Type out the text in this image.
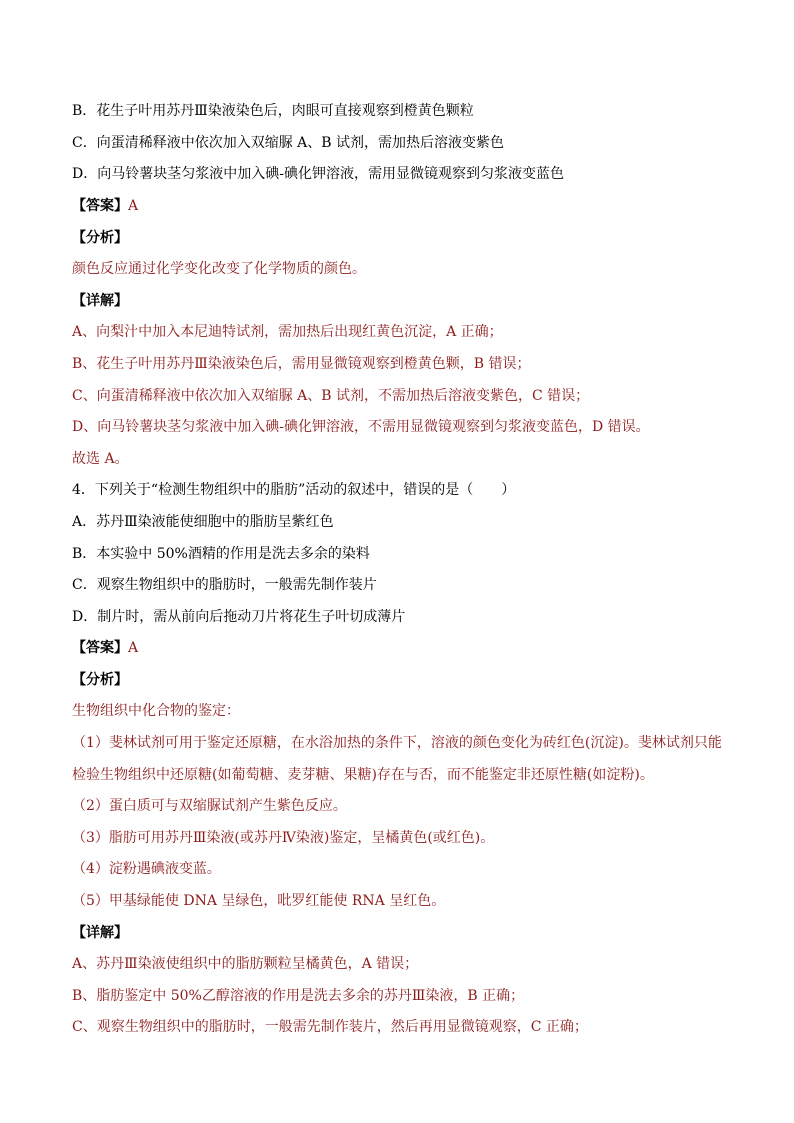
B．花生子叶用苏丹Ⅲ染液染色后，肉眼可直接观察到橙黄色颗粒
C．向蛋清稀释液中依次加入双缩脲 A、B 试剂，需加热后溶液变紫色
D．向马铃薯块茎匀浆液中加入碘-碘化钾溶液，需用显微镜观察到匀浆液变蓝色
【答案】A
【分析】
颜色反应通过化学变化改变了化学物质的颜色。
【详解】
A、向梨汁中加入本尼迪特试剂，需加热后出现红黄色沉淀，A 正确；
B、花生子叶用苏丹Ⅲ染液染色后，需用显微镜观察到橙黄色颗，B 错误；
C、向蛋清稀释液中依次加入双缩脲 A、B 试剂，不需加热后溶液变紫色，C 错误；
D、向马铃薯块茎匀浆液中加入碘-碘化钾溶液，不需用显微镜观察到匀浆液变蓝色，D 错误。
故选 A。
4．下列关于“检测生物组织中的脂肪”活动的叙述中，错误的是（　　）
A．苏丹Ⅲ染液能使细胞中的脂肪呈紫红色
B．本实验中 50%酒精的作用是洗去多余的染料
C．观察生物组织中的脂肪时，一般需先制作装片
D．制片时，需从前向后拖动刀片将花生子叶切成薄片
【答案】A
【分析】
生物组织中化合物的鉴定：
（1）斐林试剂可用于鉴定还原糖，在水浴加热的条件下，溶液的颜色变化为砖红色(沉淀)。斐林试剂只能
检验生物组织中还原糖(如葡萄糖、麦芽糖、果糖)存在与否，而不能鉴定非还原性糖(如淀粉)。
（2）蛋白质可与双缩脲试剂产生紫色反应。
（3）脂肪可用苏丹Ⅲ染液(或苏丹Ⅳ染液)鉴定，呈橘黄色(或红色)。
（4）淀粉遇碘液变蓝。
（5）甲基绿能使 DNA 呈绿色，吡罗红能使 RNA 呈红色。
【详解】
A、苏丹Ⅲ染液使组织中的脂肪颗粒呈橘黄色，A 错误；
B、脂肪鉴定中 50%乙醇溶液的作用是洗去多余的苏丹Ⅲ染液，B 正确；
C、观察生物组织中的脂肪时，一般需先制作装片，然后再用显微镜观察，C 正确；
